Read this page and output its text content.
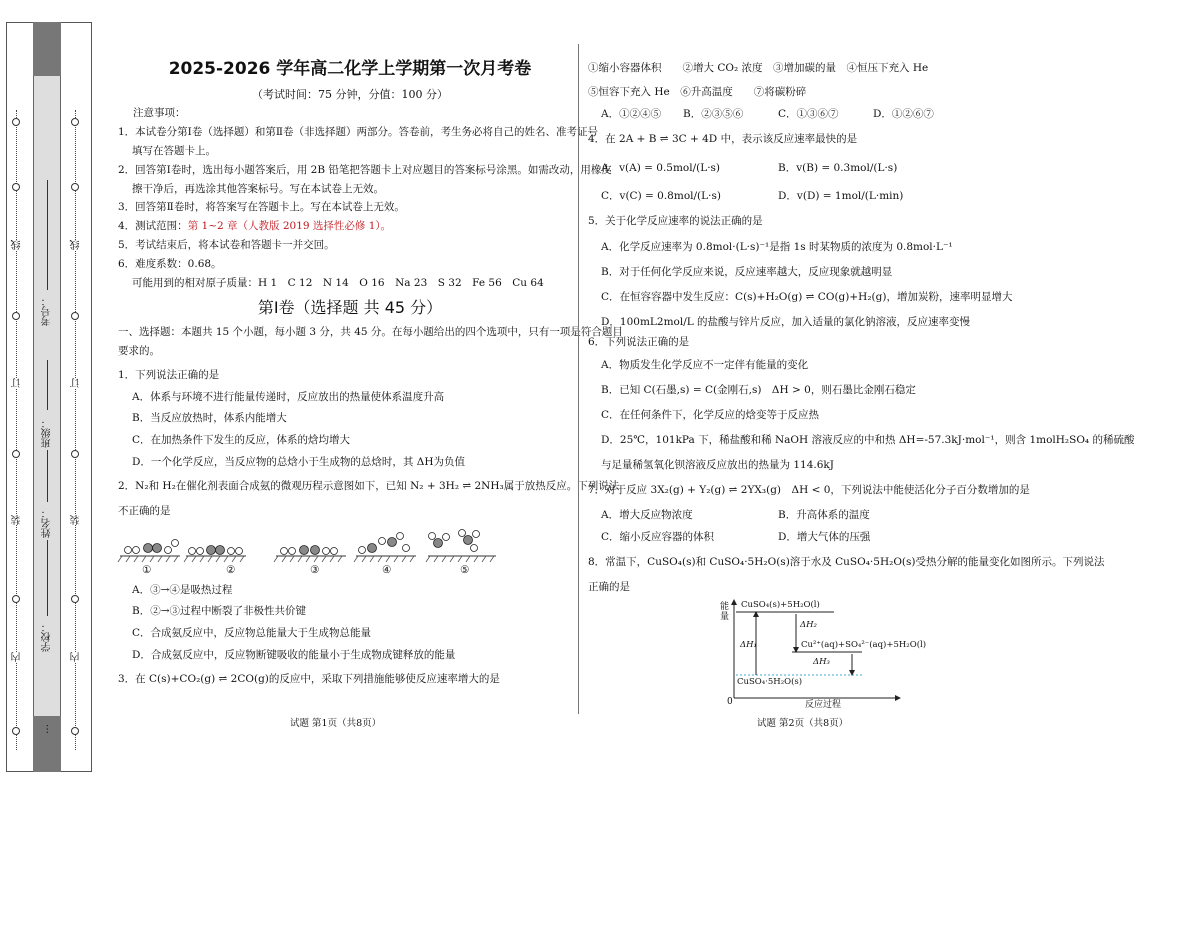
线
订
装
内
线
订
装
内
考号：
班级：
姓名：
学校：
…
2025-2026 学年高二化学上学期第一次月考卷
（考试时间：75 分钟，分值：100 分）
注意事项：
1．本试卷分第Ⅰ卷（选择题）和第Ⅱ卷（非选择题）两部分。答卷前，考生务必将自己的姓名、准考证号
填写在答题卡上。
2．回答第Ⅰ卷时，选出每小题答案后，用 2B 铅笔把答题卡上对应题目的答案标号涂黑。如需改动，用橡皮
擦干净后，再选涂其他答案标号。写在本试卷上无效。
3．回答第Ⅱ卷时，将答案写在答题卡上。写在本试卷上无效。
4．测试范围：第 1~2 章（人教版 2019 选择性必修 1）。
5．考试结束后，将本试卷和答题卡一并交回。
6．难度系数：0.68。
可能用到的相对原子质量：H 1　C 12　N 14　O 16　Na 23　S 32　Fe 56　Cu 64
第Ⅰ卷（选择题 共 45 分）
一、选择题：本题共 15 个小题，每小题 3 分，共 45 分。在每小题给出的四个选项中，只有一项是符合题目
要求的。
1．下列说法正确的是
A．体系与环境不进行能量传递时，反应放出的热量使体系温度升高
B．当反应放热时，体系内能增大
C．在加热条件下发生的反应，体系的焓均增大
D．一个化学反应，当反应物的总焓小于生成物的总焓时，其 ΔH为负值
2．N₂和 H₂在催化剂表面合成氨的微观历程示意图如下，已知 N₂ + 3H₂ ⇌ 2NH₃属于放热反应。下列说法
不正确的是
①	②	③	④	⑤
A．③→④是吸热过程
B．②→③过程中断裂了非极性共价键
C．合成氨反应中，反应物总能量大于生成物总能量
D．合成氨反应中，反应物断键吸收的能量小于生成物成键释放的能量
3．在 C(s)+CO₂(g) ⇌ 2CO(g)的反应中，采取下列措施能够使反应速率增大的是
试题 第1页（共8页）
①缩小容器体积　　②增大 CO₂ 浓度　③增加碳的量　④恒压下充入 He
⑤恒容下充入 He　⑥升高温度　　⑦将碳粉碎
A．①②④⑤ B．②③⑤⑥	C．①③⑥⑦	D．①②⑥⑦
4．在 2A + B ⇌ 3C + 4D 中，表示该反应速率最快的是
A．v(A) = 0.5mol/(L·s)	B．v(B) = 0.3mol/(L·s)
C．v(C) = 0.8mol/(L·s)	D．v(D) = 1mol/(L·min)
5．关于化学反应速率的说法正确的是
A．化学反应速率为 0.8mol·(L·s)⁻¹是指 1s 时某物质的浓度为 0.8mol·L⁻¹
B．对于任何化学反应来说，反应速率越大，反应现象就越明显
C．在恒容容器中发生反应：C(s)+H₂O(g) ⇌ CO(g)+H₂(g)，增加炭粉，速率明显增大
D．100mL2mol/L 的盐酸与锌片反应，加入适量的氯化钠溶液，反应速率变慢
6．下列说法正确的是
A．物质发生化学反应不一定伴有能量的变化
B．已知 C(石墨,s) = C(金刚石,s)　ΔH > 0，则石墨比金刚石稳定
C．在任何条件下，化学反应的焓变等于反应热
D．25℃，101kPa 下，稀盐酸和稀 NaOH 溶液反应的中和热 ΔH=-57.3kJ·mol⁻¹，则含 1molH₂SO₄ 的稀硫酸
与足量稀氢氧化钡溶液反应放出的热量为 114.6kJ
7．对于反应 3X₂(g) + Y₂(g) ⇌ 2YX₃(g)　ΔH < 0，下列说法中能使活化分子百分数增加的是
A．增大反应物浓度	B．升高体系的温度
C．缩小反应容器的体积	D．增大气体的压强
8．常温下，CuSO₄(s)和 CuSO₄·5H₂O(s)溶于水及 CuSO₄·5H₂O(s)受热分解的能量变化如图所示。下列说法
正确的是
能量
反应过程
0
CuSO₄(s)+5H₂O(l)
Cu²⁺(aq)+SO₄²⁻(aq)+5H₂O(l)
CuSO₄·5H₂O(s)
ΔH₁
ΔH₂
ΔH₃
试题 第2页（共8页）
